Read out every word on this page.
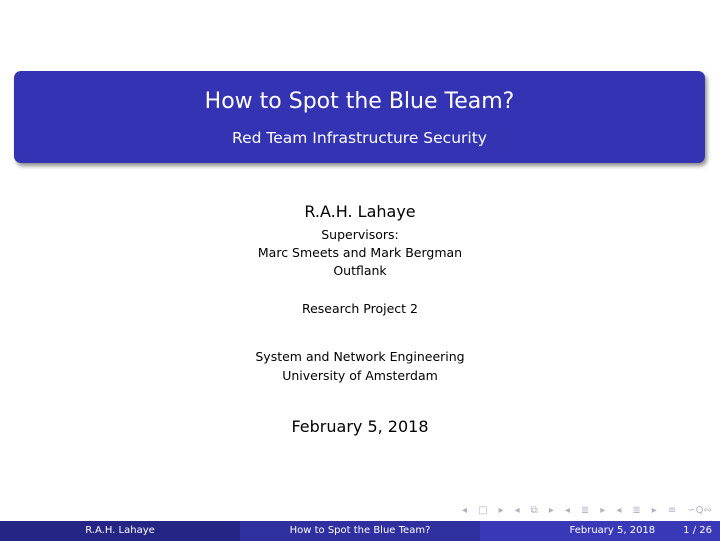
How to Spot the Blue Team?
Red Team Infrastructure Security
R.A.H. Lahaye
Supervisors:
Marc Smeets and Mark Bergman
Outflank
Research Project 2
System and Network Engineering
University of Amsterdam
February 5, 2018
◂ □ ▸ ◂ ⧉ ▸ ◂ ≣ ▸ ◂ ≣ ▸ ≡ ∽Q∾
R.A.H. Lahaye	How to Spot the Blue Team?	February 5, 2018	1 / 26
